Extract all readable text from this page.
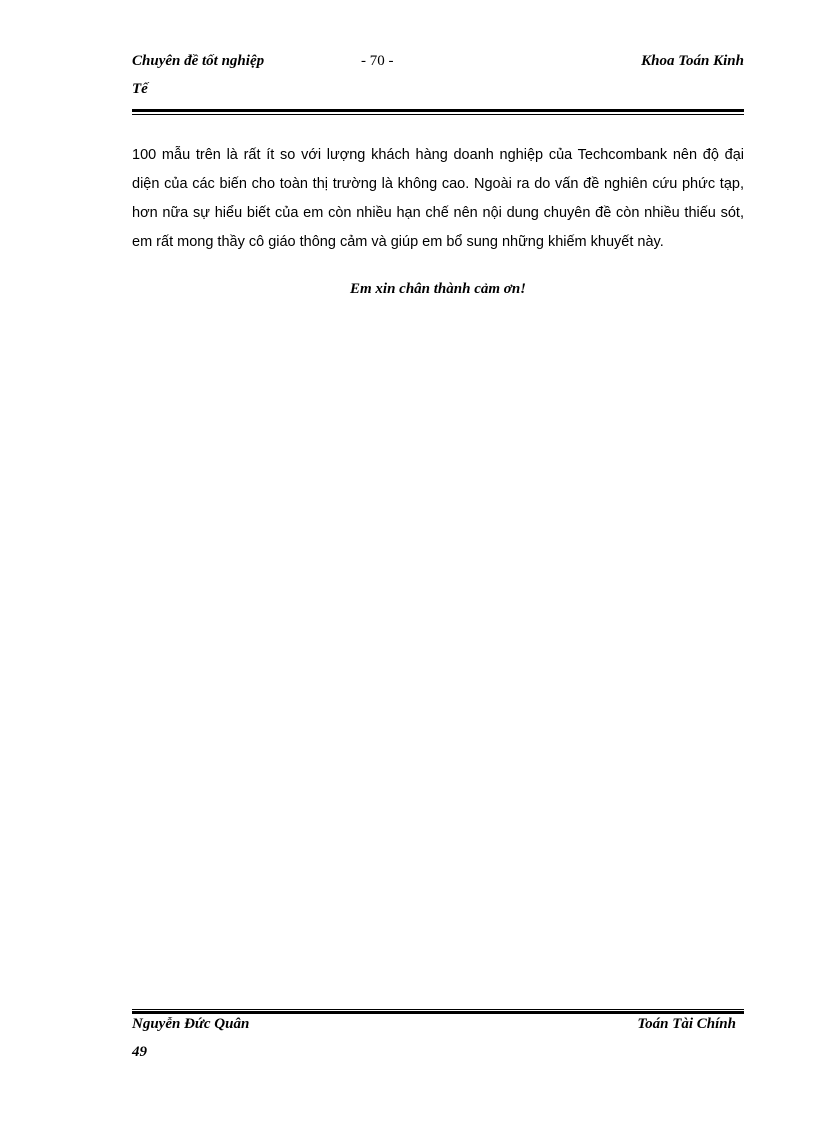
Chuyên đề tốt nghiệp	- 70 -	Khoa Toán Kinh
Tế
100 mẫu trên là rất ít so với lượng khách hàng doanh nghiệp của Techcombank nên độ đại diện của các biến cho toàn thị trường là không cao. Ngoài ra do vấn đề nghiên cứu phức tạp, hơn nữa sự hiểu biết của em còn nhiều hạn chế nên nội dung chuyên đề còn nhiều thiếu sót, em rất mong thầy cô giáo thông cảm và giúp em bổ sung những khiếm khuyết này.
Em xin chân thành cảm ơn!
Nguyễn Đức Quân	Toán Tài Chính
49
